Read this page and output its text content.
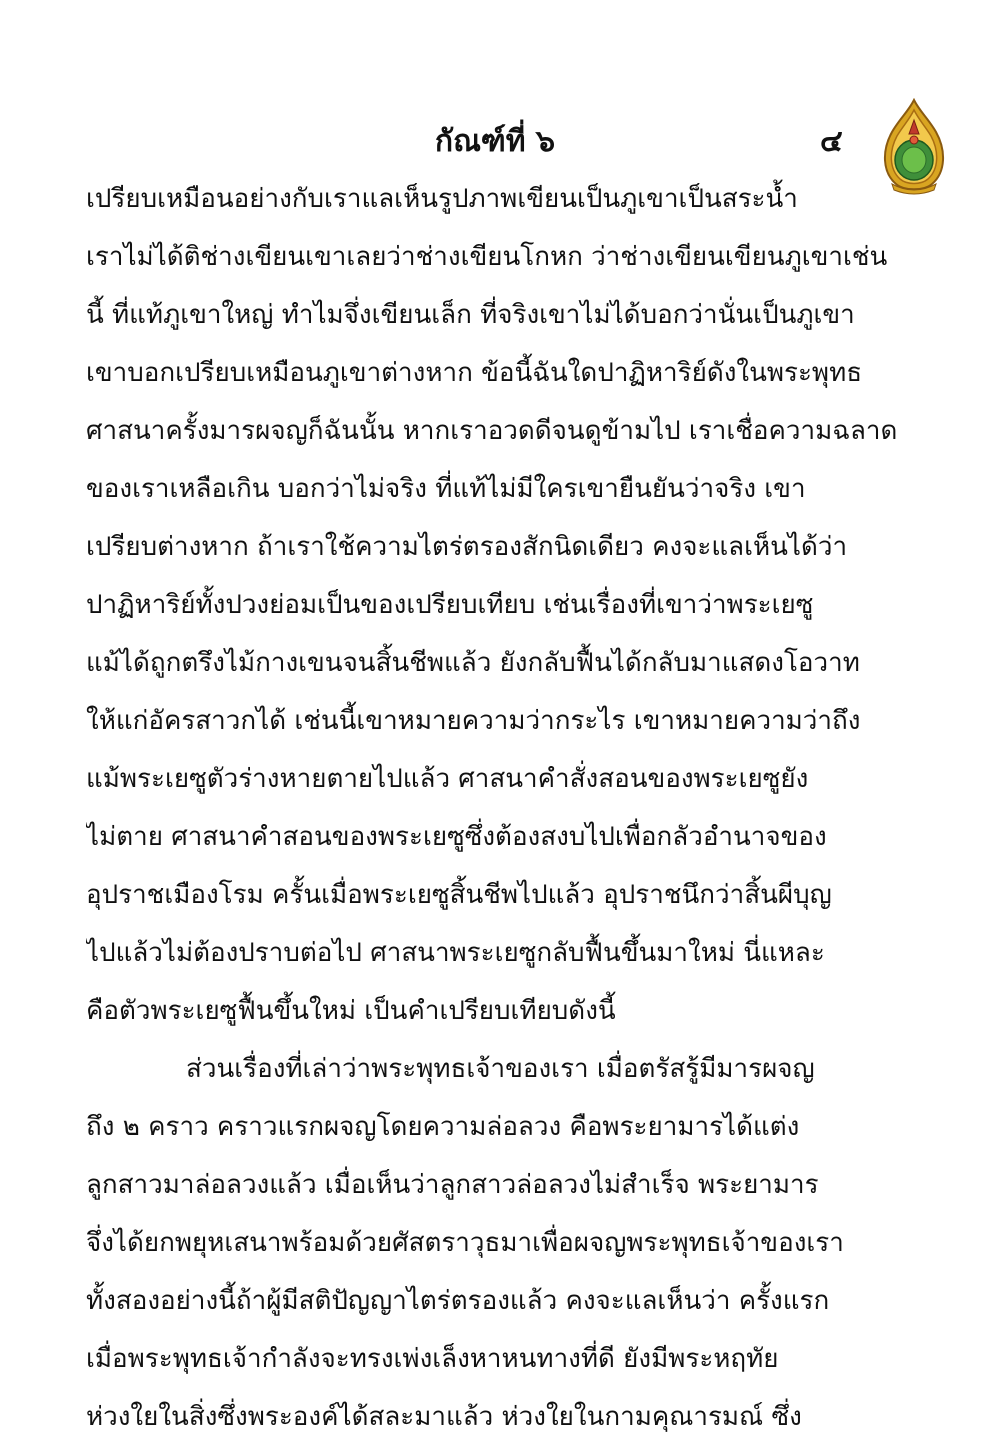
กัณฑ์ที่ ๖	๔
เปรียบเหมือนอย่างกับเราแลเห็นรูปภาพเขียนเป็นภูเขาเป็นสระน้ำ
เราไม่ได้ติช่างเขียนเขาเลยว่าช่างเขียนโกหก ว่าช่างเขียนเขียนภูเขาเช่น
นี้ ที่แท้ภูเขาใหญ่ ทำไมจึ่งเขียนเล็ก ที่จริงเขาไม่ได้บอกว่านั่นเป็นภูเขา
เขาบอกเปรียบเหมือนภูเขาต่างหาก ข้อนี้ฉันใดปาฏิหาริย์ดังในพระพุทธ
ศาสนาครั้งมารผจญก็ฉันนั้น หากเราอวดดีจนดูข้ามไป เราเชื่อความฉลาด
ของเราเหลือเกิน บอกว่าไม่จริง ที่แท้ไม่มีใครเขายืนยันว่าจริง เขา
เปรียบต่างหาก ถ้าเราใช้ความไตร่ตรองสักนิดเดียว คงจะแลเห็นได้ว่า
ปาฏิหาริย์ทั้งปวงย่อมเป็นของเปรียบเทียบ เช่นเรื่องที่เขาว่าพระเยซู
แม้ได้ถูกตรึงไม้กางเขนจนสิ้นชีพแล้ว ยังกลับฟื้นได้กลับมาแสดงโอวาท
ให้แก่อัครสาวกได้ เช่นนี้เขาหมายความว่ากระไร เขาหมายความว่าถึง
แม้พระเยซูตัวร่างหายตายไปแล้ว ศาสนาคำสั่งสอนของพระเยซูยัง
ไม่ตาย ศาสนาคำสอนของพระเยซูซึ่งต้องสงบไปเพื่อกลัวอำนาจของ
อุปราชเมืองโรม ครั้นเมื่อพระเยซูสิ้นชีพไปแล้ว อุปราชนึกว่าสิ้นผีบุญ
ไปแล้วไม่ต้องปราบต่อไป ศาสนาพระเยซูกลับฟื้นขึ้นมาใหม่ นี่แหละ
คือตัวพระเยซูฟื้นขึ้นใหม่ เป็นคำเปรียบเทียบดังนี้
ส่วนเรื่องที่เล่าว่าพระพุทธเจ้าของเรา เมื่อตรัสรู้มีมารผจญ
ถึง ๒ คราว คราวแรกผจญโดยความล่อลวง คือพระยามารได้แต่ง
ลูกสาวมาล่อลวงแล้ว เมื่อเห็นว่าลูกสาวล่อลวงไม่สำเร็จ พระยามาร
จึ่งได้ยกพยุหเสนาพร้อมด้วยศัสตราวุธมาเพื่อผจญพระพุทธเจ้าของเรา
ทั้งสองอย่างนี้ถ้าผู้มีสติปัญญาไตร่ตรองแล้ว คงจะแลเห็นว่า ครั้งแรก
เมื่อพระพุทธเจ้ากำลังจะทรงเพ่งเล็งหาหนทางที่ดี ยังมีพระหฤทัย
ห่วงใยในสิ่งซึ่งพระองค์ได้สละมาแล้ว ห่วงใยในกามคุณารมณ์ ซึ่ง
